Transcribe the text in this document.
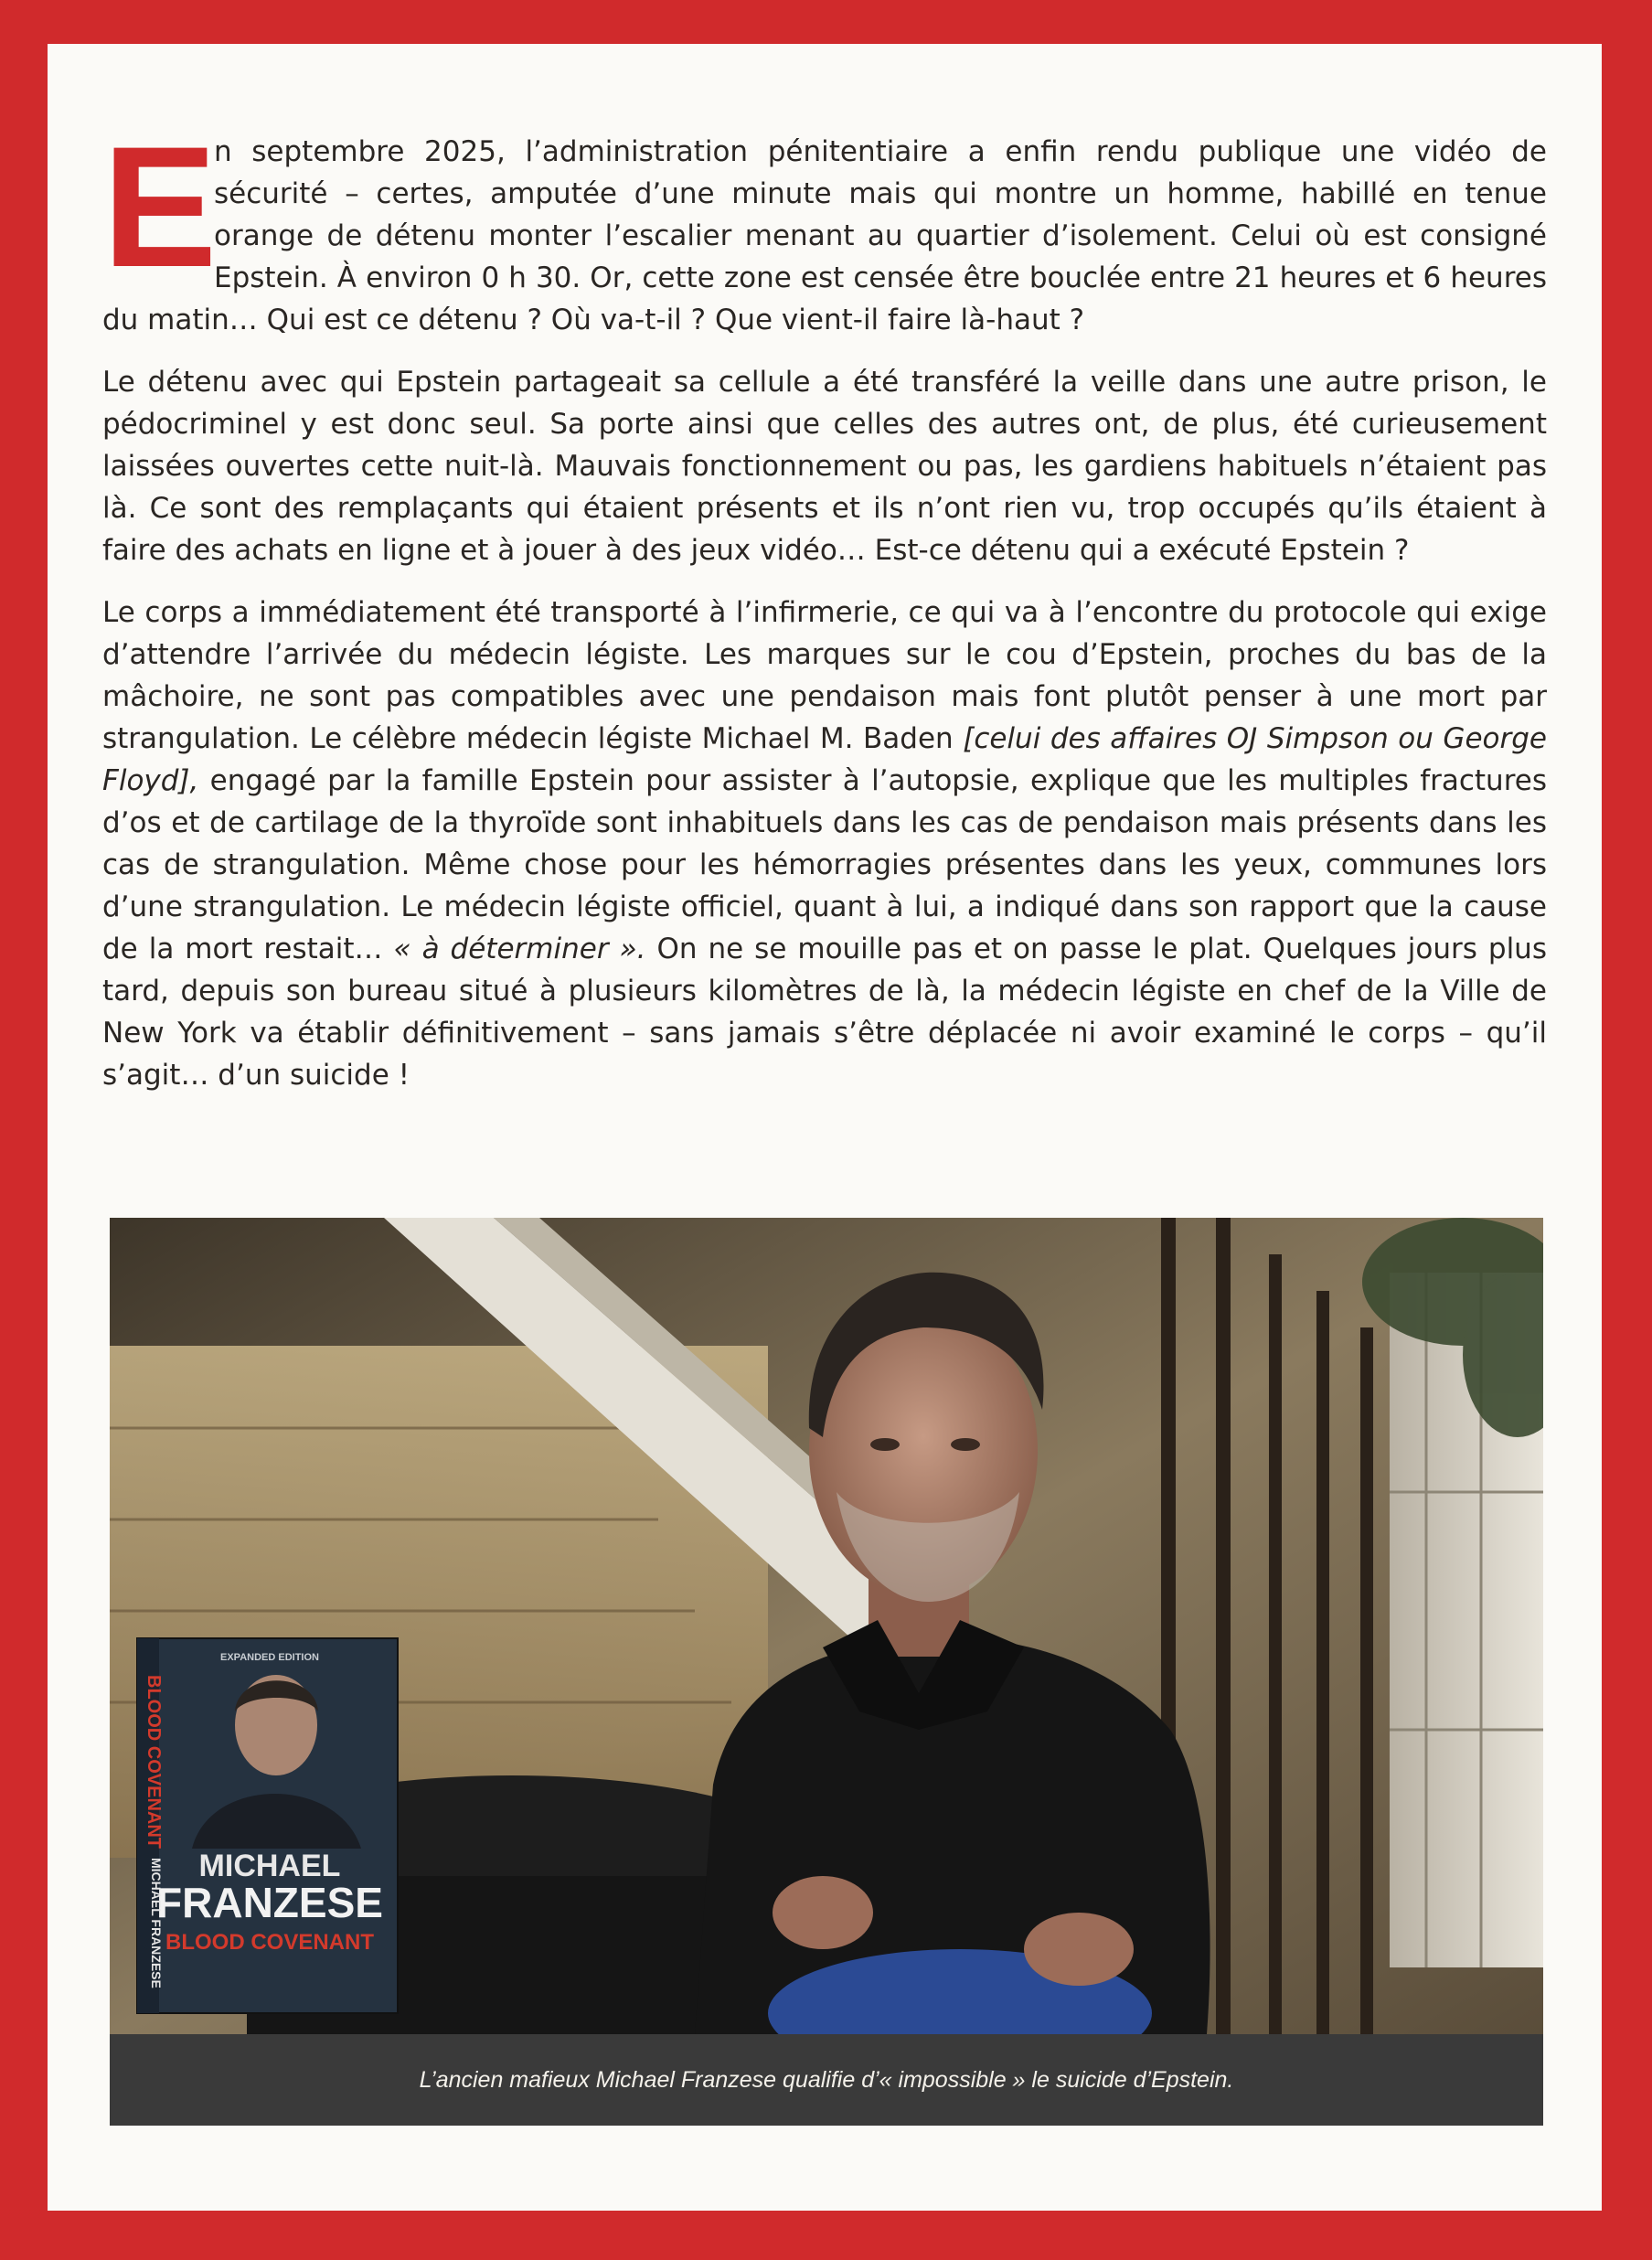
E
n septembre 2025, l’administration pénitentiaire a enfin rendu publique une vidéo de sécurité – certes, amputée d’une minute mais qui montre un homme, habillé en tenue orange de détenu monter l’escalier menant au quartier d’isolement. Celui où est consigné Epstein. À environ 0 h 30. Or, cette zone est censée être bouclée entre 21 heures et 6 heures du matin… Qui est ce détenu ? Où va-t-il ? Que vient-il faire là-haut ?

Le détenu avec qui Epstein partageait sa cellule a été transféré la veille dans une autre prison, le pédocriminel y est donc seul. Sa porte ainsi que celles des autres ont, de plus, été curieusement laissées ouvertes cette nuit-là. Mauvais fonctionnement ou pas, les gardiens habituels n’étaient pas là. Ce sont des remplaçants qui étaient présents et ils n’ont rien vu, trop occupés qu’ils étaient à faire des achats en ligne et à jouer à des jeux vidéo… Est-ce détenu qui a exécuté Epstein ?

Le corps a immédiatement été transporté à l’infirmerie, ce qui va à l’encontre du protocole qui exige d’attendre l’arrivée du médecin légiste. Les marques sur le cou d’Epstein, proches du bas de la mâchoire, ne sont pas compatibles avec une pendaison mais font plutôt penser à une mort par strangulation. Le célèbre médecin légiste Michael M. Baden [celui des affaires OJ Simpson ou George Floyd], engagé par la famille Epstein pour assister à l’autopsie, explique que les multiples fractures d’os et de cartilage de la thyroïde sont inhabituels dans les cas de pendaison mais présents dans les cas de strangulation. Même chose pour les hémorragies présentes dans les yeux, communes lors d’une strangulation. Le médecin légiste officiel, quant à lui, a indiqué dans son rapport que la cause de la mort restait… « à déterminer ». On ne se mouille pas et on passe le plat. Quelques jours plus tard, depuis son bureau situé à plusieurs kilomètres de là, la médecin légiste en chef de la Ville de New York va établir définitivement – sans jamais s’être déplacée ni avoir examiné le corps – qu’il s’agit… d’un suicide !

EXPANDED EDITION
MICHAEL
FRANZESE
BLOOD COVENANT
BLOOD COVENANT
MICHAEL FRANZESE
L’ancien mafieux Michael Franzese qualifie d’« impossible » le suicide d’Epstein.
